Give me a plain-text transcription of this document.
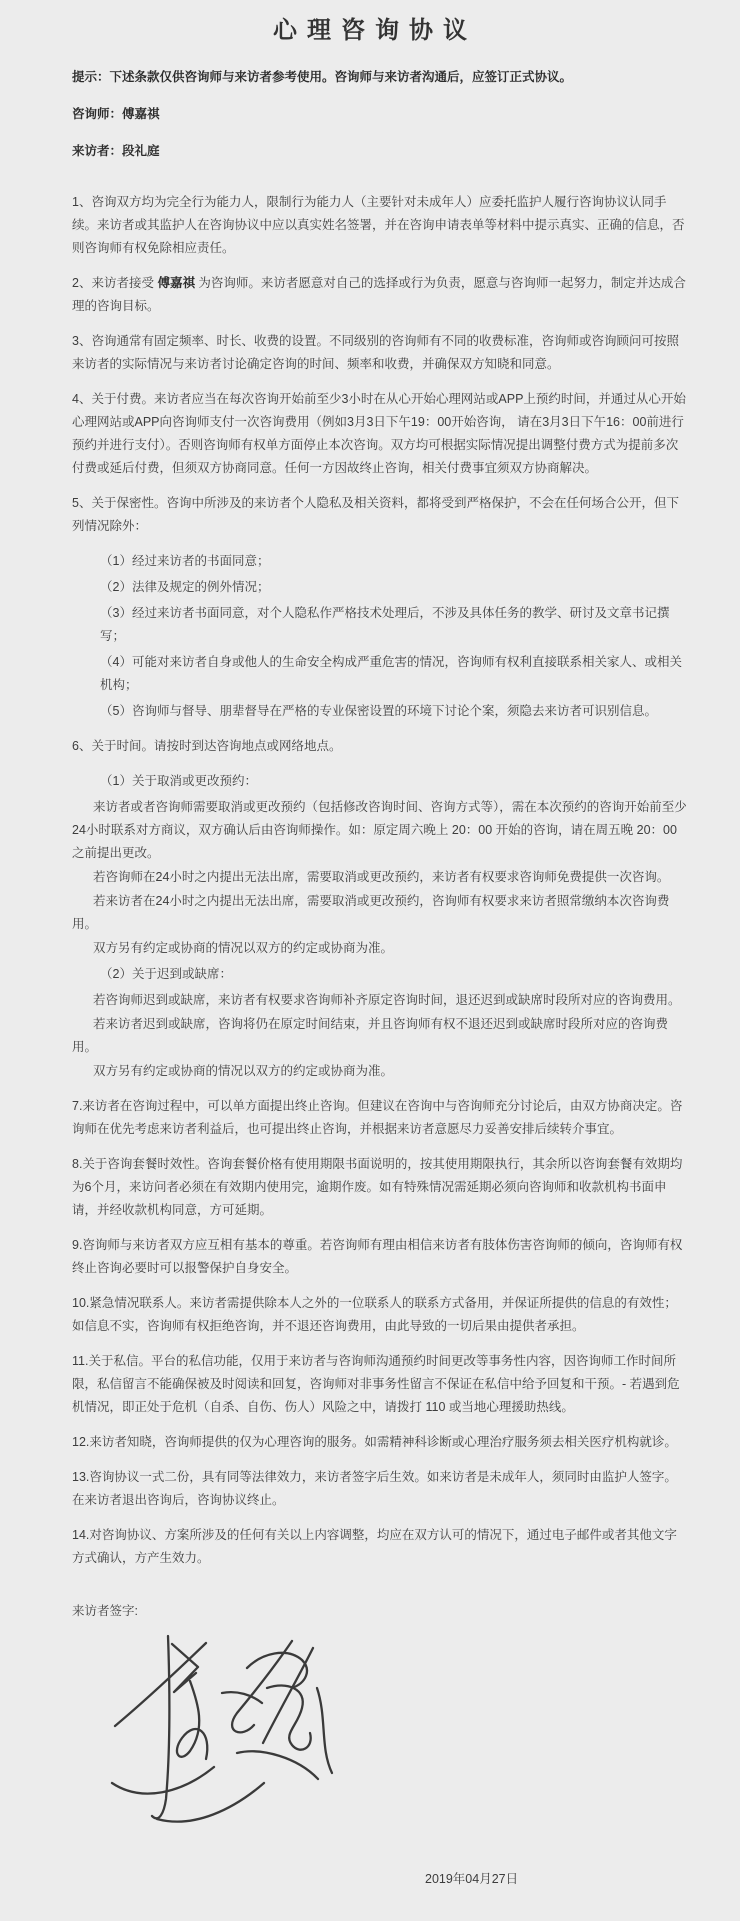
心理咨询协议

提示：下述条款仅供咨询师与来访者参考使用。咨询师与来访者沟通后，应签订正式协议。

咨询师：傅嘉祺

来访者：段礼庭

1、咨询双方均为完全行为能力人，限制行为能力人（主要针对未成年人）应委托监护人履行咨询协议认同手续。来访者或其监护人在咨询协议中应以真实姓名签署，并在咨询申请表单等材料中提示真实、正确的信息，否则咨询师有权免除相应责任。

2、来访者接受 傅嘉祺 为咨询师。来访者愿意对自己的选择或行为负责，愿意与咨询师一起努力，制定并达成合理的咨询目标。

3、咨询通常有固定频率、时长、收费的设置。不同级别的咨询师有不同的收费标准，咨询师或咨询顾问可按照来访者的实际情况与来访者讨论确定咨询的时间、频率和收费，并确保双方知晓和同意。

4、关于付费。来访者应当在每次咨询开始前至少3小时在从心开始心理网站或APP上预约时间，并通过从心开始心理网站或APP向咨询师支付一次咨询费用（例如3月3日下午19：00开始咨询， 请在3月3日下午16：00前进行预约并进行支付）。否则咨询师有权单方面停止本次咨询。双方均可根据实际情况提出调整付费方式为提前多次付费或延后付费，但须双方协商同意。任何一方因故终止咨询，相关付费事宜须双方协商解决。

5、关于保密性。咨询中所涉及的来访者个人隐私及相关资料，都将受到严格保护，不会在任何场合公开，但下列情况除外：

（1）经过来访者的书面同意；

（2）法律及规定的例外情况；

（3）经过来访者书面同意，对个人隐私作严格技术处理后，不涉及具体任务的教学、研讨及文章书记撰写；

（4）可能对来访者自身或他人的生命安全构成严重危害的情况，咨询师有权利直接联系相关家人、或相关机构；

（5）咨询师与督导、朋辈督导在严格的专业保密设置的环境下讨论个案，须隐去来访者可识别信息。

6、关于时间。请按时到达咨询地点或网络地点。

（1）关于取消或更改预约：

来访者或者咨询师需要取消或更改预约（包括修改咨询时间、咨询方式等），需在本次预约的咨询开始前至少24小时联系对方商议，双方确认后由咨询师操作。如：原定周六晚上 20：00 开始的咨询，请在周五晚 20：00 之前提出更改。

若咨询师在24小时之内提出无法出席，需要取消或更改预约，来访者有权要求咨询师免费提供一次咨询。

若来访者在24小时之内提出无法出席，需要取消或更改预约，咨询师有权要求来访者照常缴纳本次咨询费用。

双方另有约定或协商的情况以双方的约定或协商为准。

（2）关于迟到或缺席：

若咨询师迟到或缺席，来访者有权要求咨询师补齐原定咨询时间，退还迟到或缺席时段所对应的咨询费用。

若来访者迟到或缺席，咨询将仍在原定时间结束，并且咨询师有权不退还迟到或缺席时段所对应的咨询费用。

双方另有约定或协商的情况以双方的约定或协商为准。

7.来访者在咨询过程中，可以单方面提出终止咨询。但建议在咨询中与咨询师充分讨论后，由双方协商决定。咨询师在优先考虑来访者利益后，也可提出终止咨询，并根据来访者意愿尽力妥善安排后续转介事宜。

8.关于咨询套餐时效性。咨询套餐价格有使用期限书面说明的，按其使用期限执行，其余所以咨询套餐有效期均为6个月，来访问者必须在有效期内使用完，逾期作废。如有特殊情况需延期必须向咨询师和收款机构书面申请，并经收款机构同意，方可延期。

9.咨询师与来访者双方应互相有基本的尊重。若咨询师有理由相信来访者有肢体伤害咨询师的倾向，咨询师有权终止咨询必要时可以报警保护自身安全。

10.紧急情况联系人。来访者需提供除本人之外的一位联系人的联系方式备用，并保证所提供的信息的有效性；如信息不实，咨询师有权拒绝咨询，并不退还咨询费用，由此导致的一切后果由提供者承担。

11.关于私信。平台的私信功能，仅用于来访者与咨询师沟通预约时间更改等事务性内容，因咨询师工作时间所限，私信留言不能确保被及时阅读和回复，咨询师对非事务性留言不保证在私信中给予回复和干预。- 若遇到危机情况，即正处于危机（自杀、自伤、伤人）风险之中，请拨打 110 或当地心理援助热线。

12.来访者知晓，咨询师提供的仅为心理咨询的服务。如需精神科诊断或心理治疗服务须去相关医疗机构就诊。

13.咨询协议一式二份，具有同等法律效力，来访者签字后生效。如来访者是未成年人，须同时由监护人签字。在来访者退出咨询后，咨询协议终止。

14.对咨询协议、方案所涉及的任何有关以上内容调整，均应在双方认可的情况下，通过电子邮件或者其他文字方式确认，方产生效力。

来访者签字:

2019年04月27日
